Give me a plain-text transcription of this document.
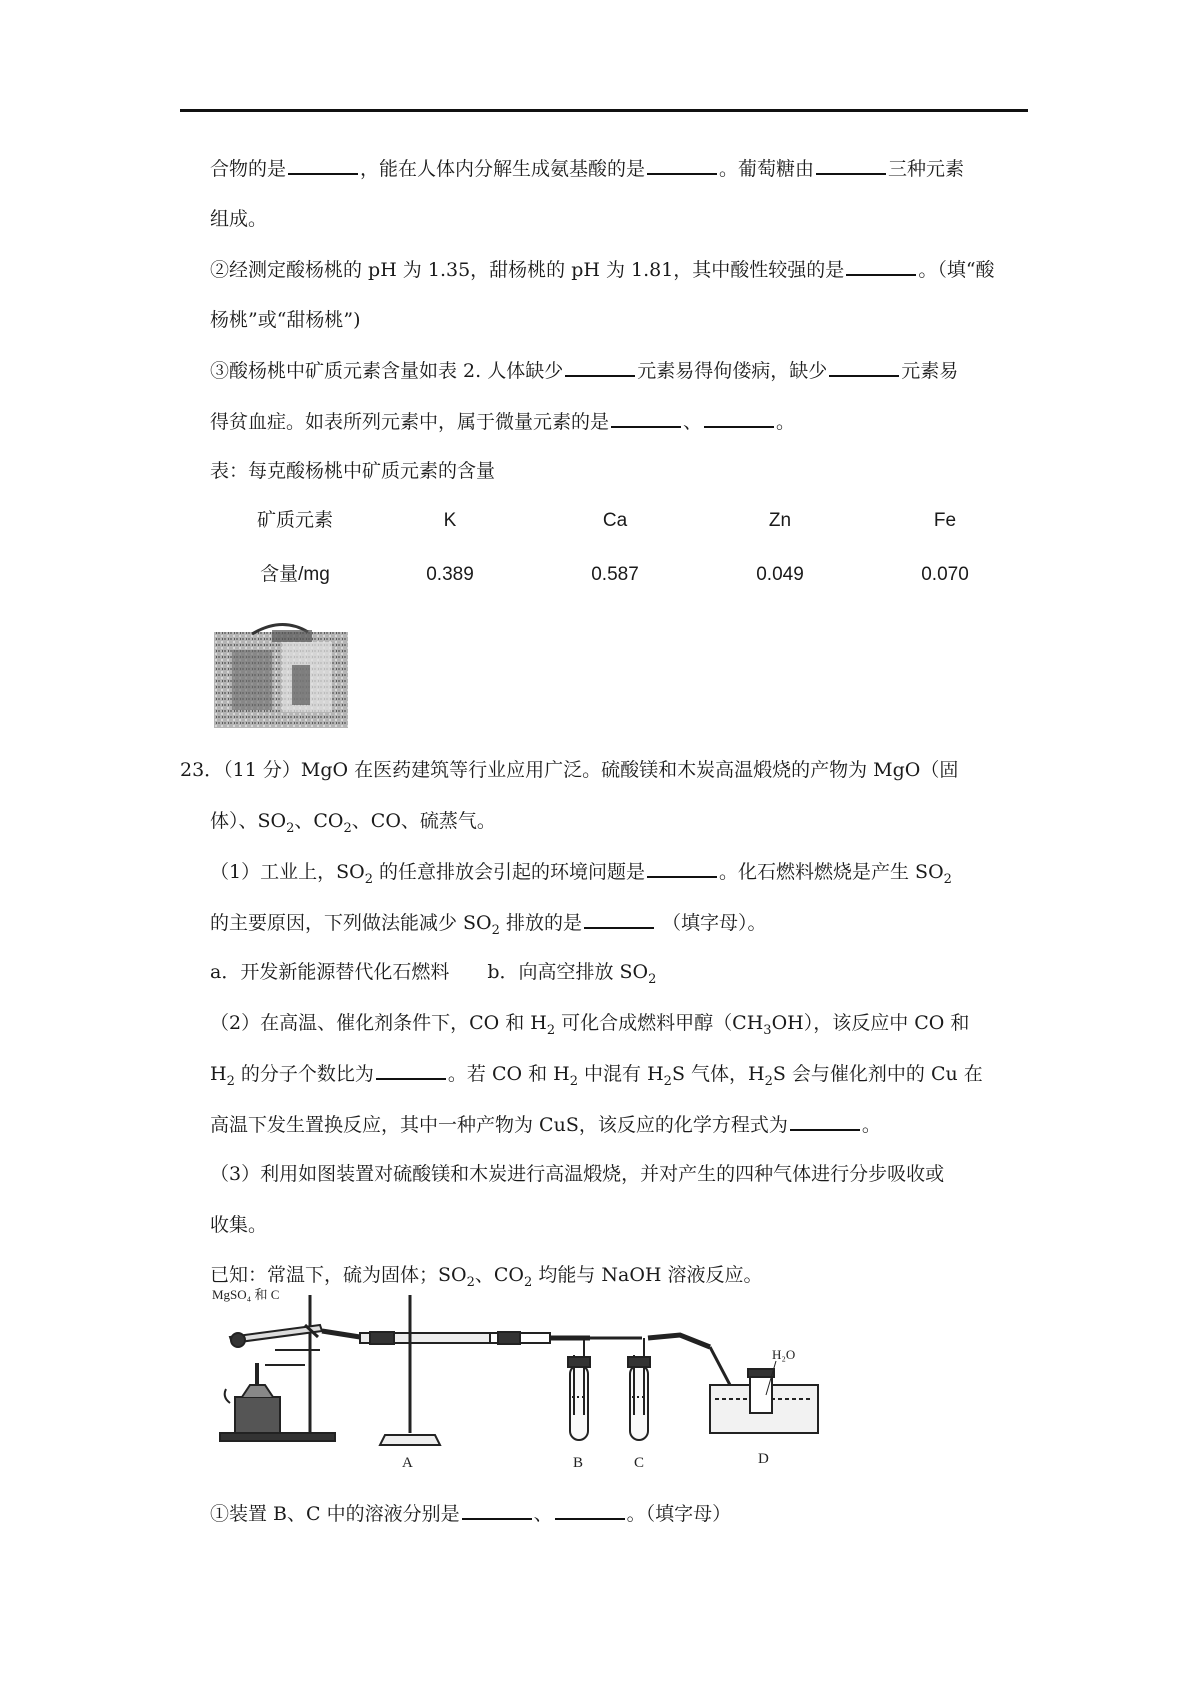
合物的是	，能在人体内分解生成氨基酸的是	。葡萄糖由	三种元素
组成。
②经测定酸杨桃的 pH 为 1.35，甜杨桃的 pH 为 1.81，其中酸性较强的是	。（填“酸
杨桃”或“甜杨桃”)
③酸杨桃中矿质元素含量如表 2. 人体缺少	元素易得佝偻病，缺少	元素易
得贫血症。如表所列元素中，属于微量元素的是	、	。
表：每克酸杨桃中矿质元素的含量
矿质元素	K	Ca	Zn	Fe
含量/mg	0.389	0.587	0.049	0.070
23．（11 分）MgO 在医药建筑等行业应用广泛。硫酸镁和木炭高温煅烧的产物为 MgO（固
体）、$SO_2$、$CO_2$、CO、硫蒸气。
（1）工业上，$SO_2$ 的任意排放会引起的环境问题是	。化石燃料燃烧是产生 $SO_2$
的主要原因，下列做法能减少 $SO_2$ 排放的是	（填字母）。
a．开发新能源替代化石燃料　　b．向高空排放 $SO_2$
（2）在高温、催化剂条件下，CO 和 $H_2$ 可化合成燃料甲醇$(CH_3OH)$，该反应中 CO 和
$H_2$ 的分子个数比为	。若 CO 和 $H_2$ 中混有 $H_2S$ 气体，$H_2S$ 会与催化剂中的 Cu 在
高温下发生置换反应，其中一种产物为 CuS，该反应的化学方程式为	。
（3）利用如图装置对硫酸镁和木炭进行高温煅烧，并对产生的四种气体进行分步吸收或
收集。
已知：常温下，硫为固体；$SO_2$、$CO_2$ 均能与 NaOH 溶液反应。
MgSO₄ 和 C
H₂O
A	B	C	D
①装置 B、C 中的溶液分别是	、	。（填字母）
